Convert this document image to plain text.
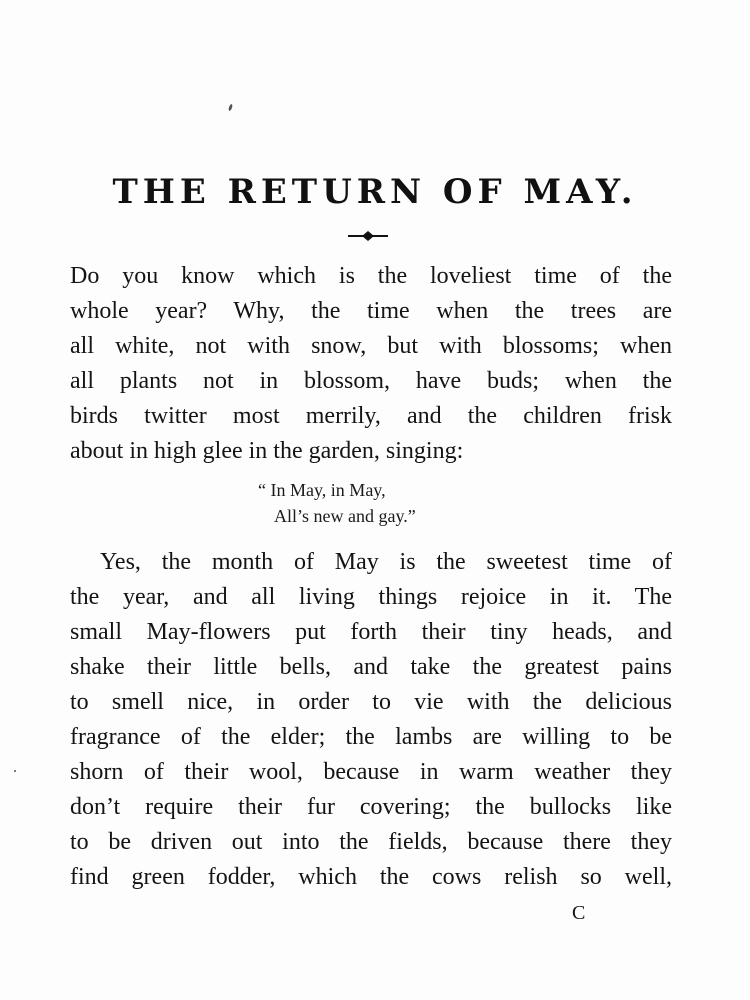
THE RETURN OF MAY.

Do you know which is the loveliest time of the
whole year? Why, the time when the trees are
all white, not with snow, but with blossoms; when
all plants not in blossom, have buds; when the
birds twitter most merrily, and the children frisk
about in high glee in the garden, singing:

“ In May, in May,
All’s new and gay.”

Yes, the month of May is the sweetest time of
the year, and all living things rejoice in it. The
small May-flowers put forth their tiny heads, and
shake their little bells, and take the greatest pains
to smell nice, in order to vie with the delicious
fragrance of the elder; the lambs are willing to be
shorn of their wool, because in warm weather they
don’t require their fur covering; the bullocks like
to be driven out into the fields, because there they
find green fodder, which the cows relish so well,

C
